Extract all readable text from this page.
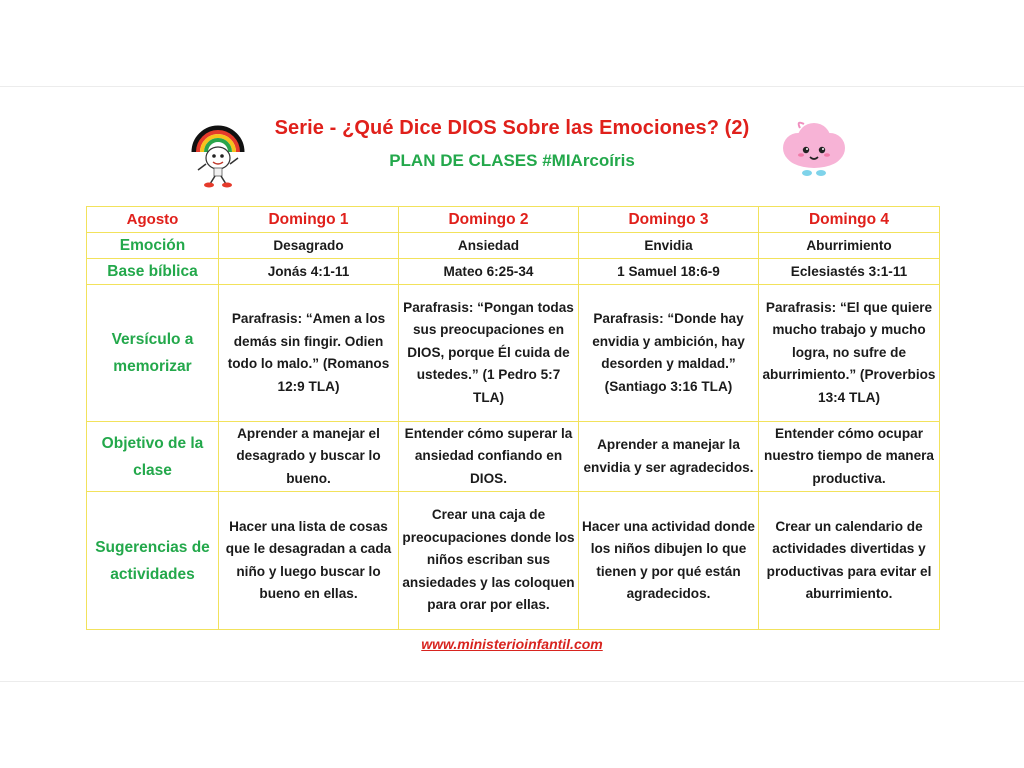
Serie - ¿Qué Dice DIOS Sobre las Emociones? (2)
PLAN DE CLASES #MIArcoíris
Agosto	Domingo 1	Domingo 2	Domingo 3	Domingo 4
Emoción	Desagrado	Ansiedad	Envidia	Aburrimiento
Base bíblica	Jonás 4:1-11	Mateo 6:25-34	1 Samuel 18:6-9	Eclesiastés 3:1-11
Versículo a memorizar	Parafrasis: “Amen a los demás sin fingir. Odien todo lo malo.” (Romanos 12:9 TLA)	Parafrasis: “Pongan todas sus preocupaciones en DIOS, porque Él cuida de ustedes.” (1 Pedro 5:7 TLA)	Parafrasis: “Donde hay envidia y ambición, hay desorden y maldad.” (Santiago 3:16 TLA)	Parafrasis: “El que quiere mucho trabajo y mucho logra, no sufre de aburrimiento.” (Proverbios 13:4 TLA)
Objetivo de la clase	Aprender a manejar el desagrado y buscar lo bueno.	Entender cómo superar la ansiedad confiando en DIOS.	Aprender a manejar la envidia y ser agradecidos.	Entender cómo ocupar nuestro tiempo de manera productiva.
Sugerencias de actividades	Hacer una lista de cosas que le desagradan a cada niño y luego buscar lo bueno en ellas.	Crear una caja de preocupaciones donde los niños escriban sus ansiedades y las coloquen para orar por ellas.	Hacer una actividad donde los niños dibujen lo que tienen y por qué están agradecidos.	Crear un calendario de actividades divertidas y productivas para evitar el aburrimiento.
www.ministerioinfantil.com
